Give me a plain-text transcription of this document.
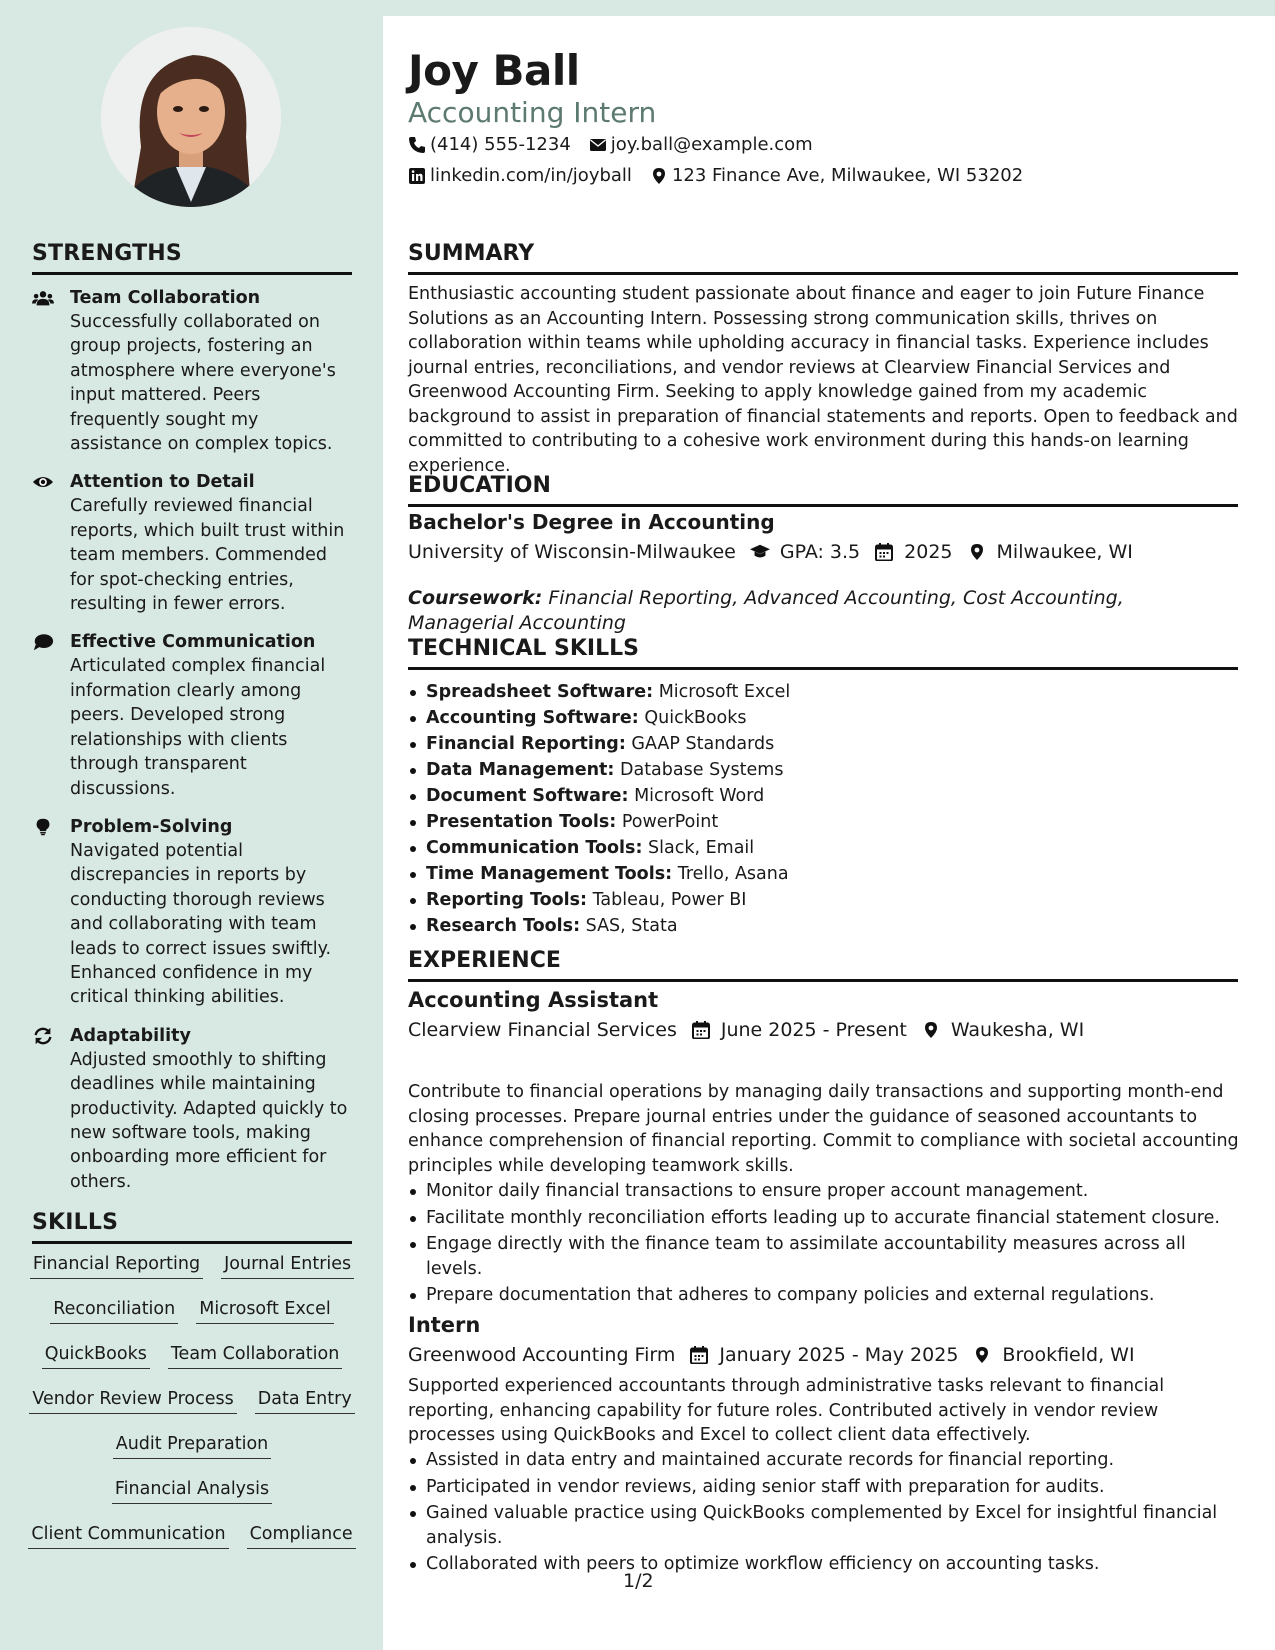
STRENGTHS
Team Collaboration
Successfully collaborated on group projects, fostering an atmosphere where everyone's input mattered. Peers frequently sought my assistance on complex topics.
Attention to Detail
Carefully reviewed financial reports, which built trust within team members. Commended for spot-checking entries, resulting in fewer errors.
Effective Communication
Articulated complex financial information clearly among peers. Developed strong relationships with clients through transparent discussions.
Problem-Solving
Navigated potential discrepancies in reports by conducting thorough reviews and collaborating with team leads to correct issues swiftly. Enhanced confidence in my critical thinking abilities.
Adaptability
Adjusted smoothly to shifting deadlines while maintaining productivity. Adapted quickly to new software tools, making onboarding more efficient for others.
SKILLS
Financial Reporting Journal Entries
Reconciliation Microsoft Excel
QuickBooks Team Collaboration
Vendor Review Process Data Entry
Audit Preparation
Financial Analysis
Client Communication Compliance
Joy Ball
Accounting Intern
(414) 555-1234 joy.ball@example.com
linkedin.com/in/joyball 123 Finance Ave, Milwaukee, WI 53202
SUMMARY
Enthusiastic accounting student passionate about finance and eager to join Future Finance Solutions as an Accounting Intern. Possessing strong communication skills, thrives on collaboration within teams while upholding accuracy in financial tasks. Experience includes journal entries, reconciliations, and vendor reviews at Clearview Financial Services and Greenwood Accounting Firm. Seeking to apply knowledge gained from my academic background to assist in preparation of financial statements and reports. Open to feedback and committed to contributing to a cohesive work environment during this hands-on learning experience.
EDUCATION
Bachelor's Degree in Accounting
University of Wisconsin-Milwaukee GPA: 3.5 2025 Milwaukee, WI
Coursework: Financial Reporting, Advanced Accounting, Cost Accounting, Managerial Accounting
TECHNICAL SKILLS
Spreadsheet Software: Microsoft Excel
Accounting Software: QuickBooks
Financial Reporting: GAAP Standards
Data Management: Database Systems
Document Software: Microsoft Word
Presentation Tools: PowerPoint
Communication Tools: Slack, Email
Time Management Tools: Trello, Asana
Reporting Tools: Tableau, Power BI
Research Tools: SAS, Stata
EXPERIENCE
Accounting Assistant
Clearview Financial Services June 2025 - Present Waukesha, WI
Contribute to financial operations by managing daily transactions and supporting month-end closing processes. Prepare journal entries under the guidance of seasoned accountants to enhance comprehension of financial reporting. Commit to compliance with societal accounting principles while developing teamwork skills.
Monitor daily financial transactions to ensure proper account management.
Facilitate monthly reconciliation efforts leading up to accurate financial statement closure.
Engage directly with the finance team to assimilate accountability measures across all levels.
Prepare documentation that adheres to company policies and external regulations.
Intern
Greenwood Accounting Firm January 2025 - May 2025 Brookfield, WI
Supported experienced accountants through administrative tasks relevant to financial reporting, enhancing capability for future roles. Contributed actively in vendor review processes using QuickBooks and Excel to collect client data effectively.
Assisted in data entry and maintained accurate records for financial reporting.
Participated in vendor reviews, aiding senior staff with preparation for audits.
Gained valuable practice using QuickBooks complemented by Excel for insightful financial analysis.
Collaborated with peers to optimize workflow efficiency on accounting tasks.
1/2
